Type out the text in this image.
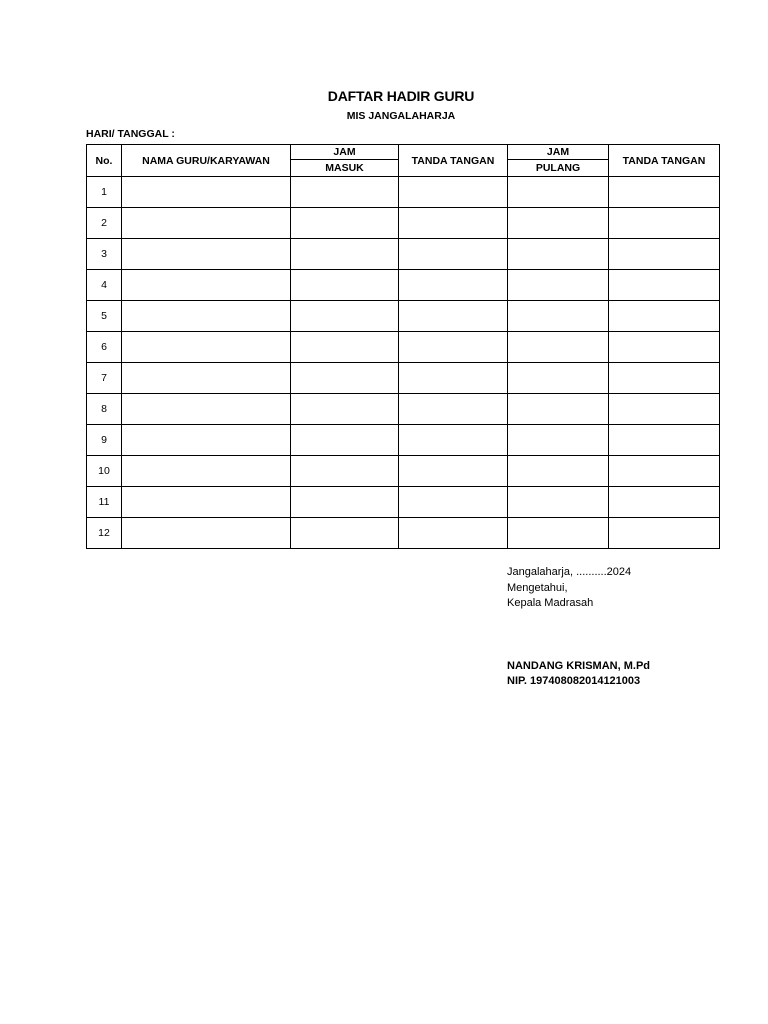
DAFTAR HADIR GURU
MIS JANGALAHARJA
HARI/ TANGGAL :
No.	NAMA GURU/KARYAWAN	JAM	TANDA TANGAN	JAM	TANDA TANGAN
		MASUK		PULANG	
1					
2					
3					
4					
5					
6					
7					
8					
9					
10					
11					
12					
Jangalaharja, ..........2024
Mengetahui,
Kepala Madrasah
NANDANG KRISMAN, M.Pd
NIP. 197408082014121003
